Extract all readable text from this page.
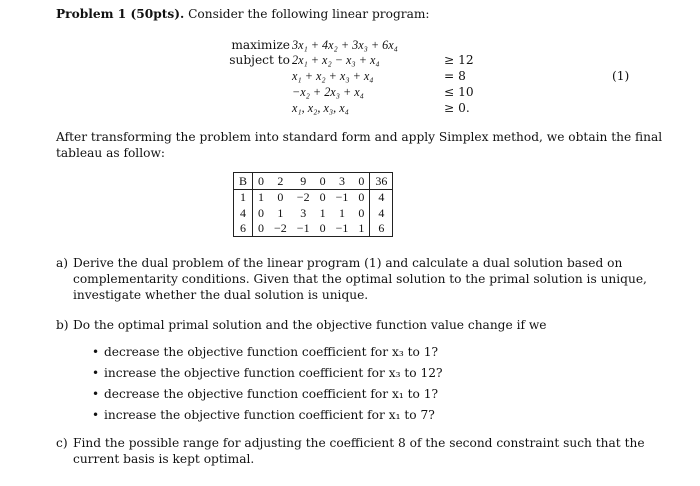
Problem 1 (50pts). Consider the following linear program:
maximize 3x₁ + 4x₂ + 3x₃ + 6x₄
subject to 2x₁ + x₂ − x₃ + x₄	≥ 12
x₁ + x₂ + x₃ + x₄	= 8
−x₂ + 2x₃ + x₄	≤ 10
x₁, x₂, x₃, x₄	≥ 0.
(1)
After transforming the problem into standard form and apply Simplex method, we obtain the final
tableau as follow:
B	0	2	9	0	3	0	36
1	1	0	−2	0	−1	0	4
4	0	1	3	1	1	0	4
6	0	−2	−1	0	−1	1	6
a) Derive the dual problem of the linear program (1) and calculate a dual solution based on
complementarity conditions. Given that the optimal solution to the primal solution is unique,
investigate whether the dual solution is unique.
b) Do the optimal primal solution and the objective function value change if we
• decrease the objective function coefficient for x₃ to 1?
• increase the objective function coefficient for x₃ to 12?
• decrease the objective function coefficient for x₁ to 1?
• increase the objective function coefficient for x₁ to 7?
c) Find the possible range for adjusting the coefficient 8 of the second constraint such that the
current basis is kept optimal.
